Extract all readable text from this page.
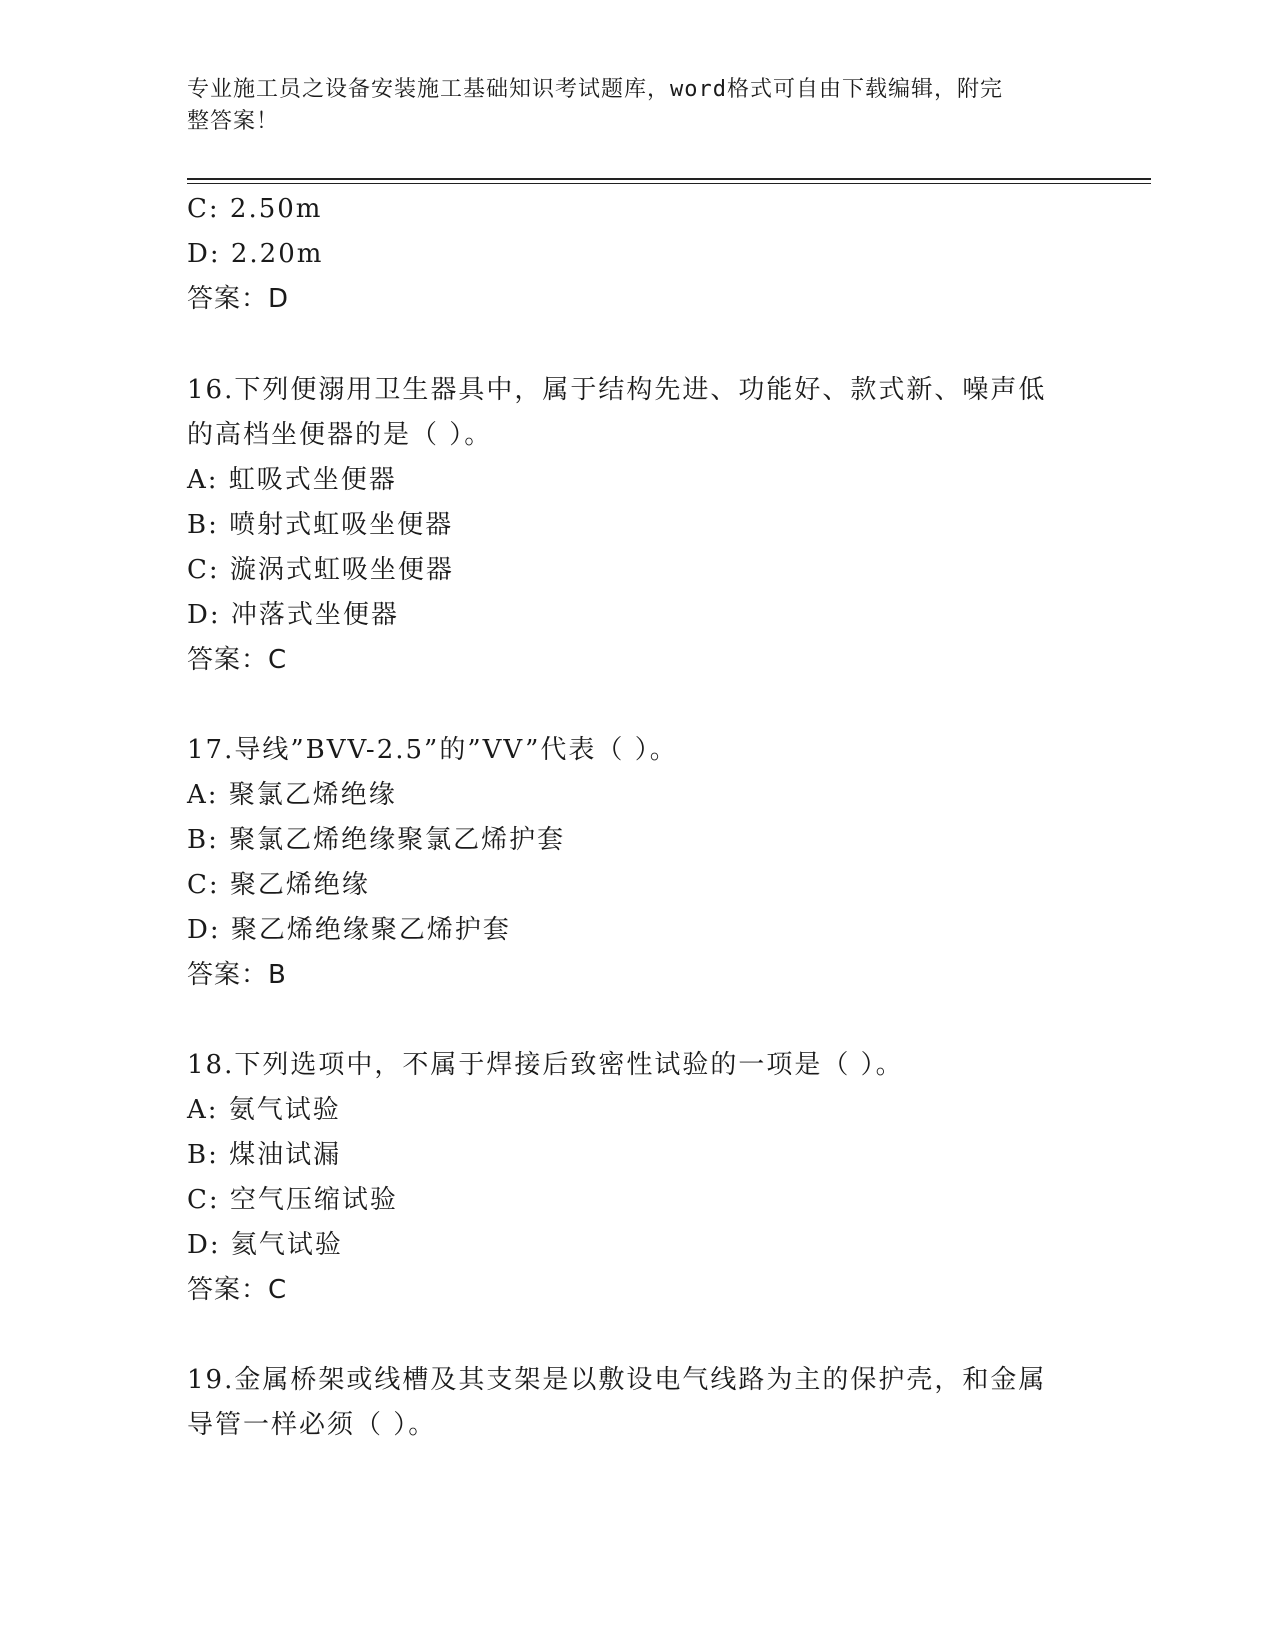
专业施工员之设备安装施工基础知识考试题库，word格式可自由下载编辑，附完
整答案！
C: 2.50m
D: 2.20m
答案：D
16.下列便溺用卫生器具中，属于结构先进、功能好、款式新、噪声低
的高档坐便器的是（ ）。
A: 虹吸式坐便器
B: 喷射式虹吸坐便器
C: 漩涡式虹吸坐便器
D: 冲落式坐便器
答案：C
17.导线”BVV-2.5”的”VV”代表（ ）。
A: 聚氯乙烯绝缘
B: 聚氯乙烯绝缘聚氯乙烯护套
C: 聚乙烯绝缘
D: 聚乙烯绝缘聚乙烯护套
答案：B
18.下列选项中，不属于焊接后致密性试验的一项是（ ）。
A: 氨气试验
B: 煤油试漏
C: 空气压缩试验
D: 氦气试验
答案：C
19.金属桥架或线槽及其支架是以敷设电气线路为主的保护壳，和金属
导管一样必须（ ）。
